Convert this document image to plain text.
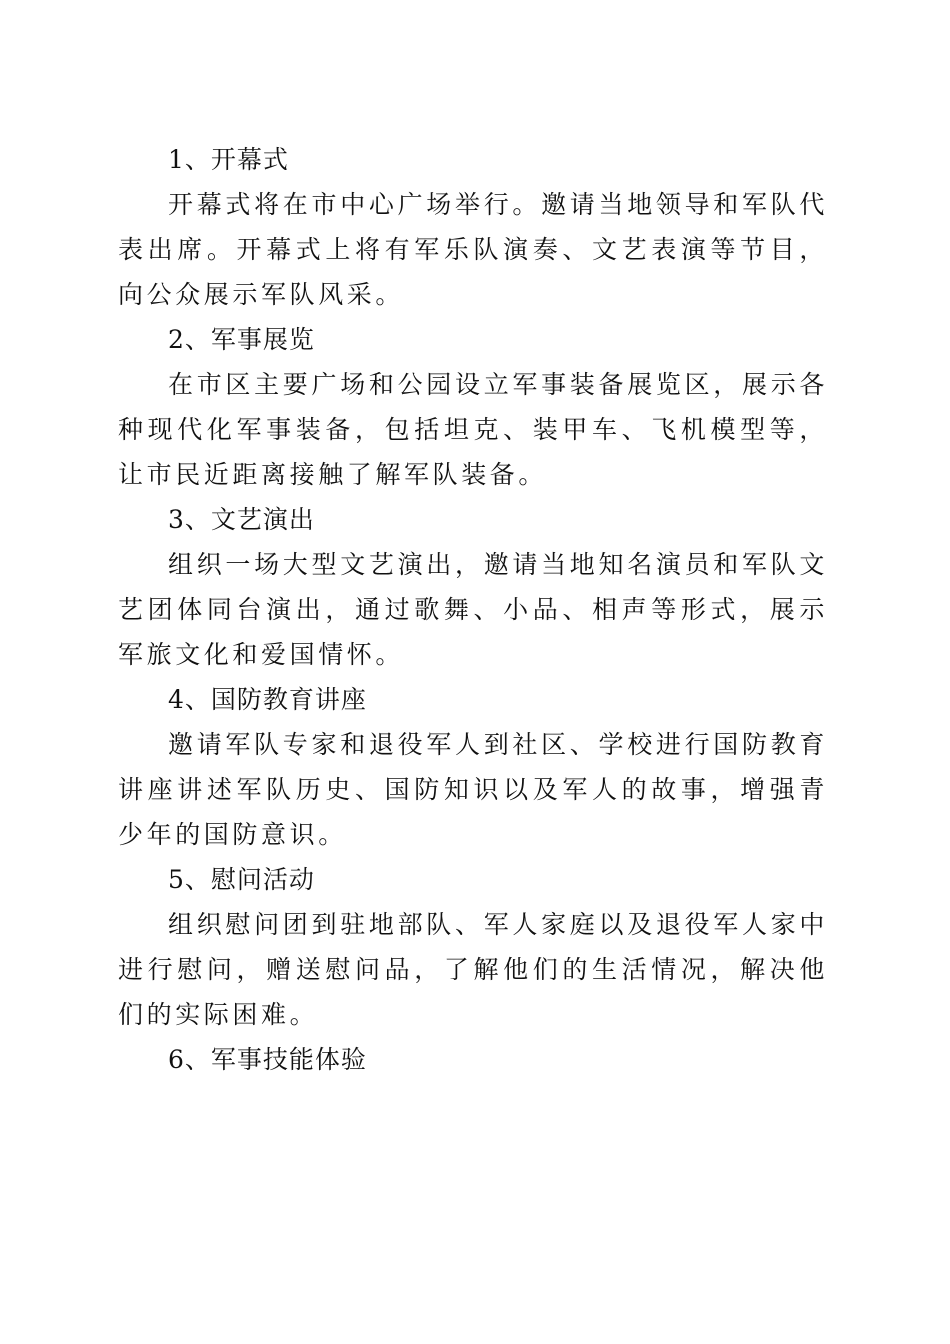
1、开幕式

开幕式将在市中心广场举行。邀请当地领导和军队代表出席。开幕式上将有军乐队演奏、文艺表演等节目，向公众展示军队风采。

2、军事展览

在市区主要广场和公园设立军事装备展览区，展示各种现代化军事装备，包括坦克、装甲车、飞机模型等，让市民近距离接触了解军队装备。

3、文艺演出

组织一场大型文艺演出，邀请当地知名演员和军队文艺团体同台演出，通过歌舞、小品、相声等形式，展示军旅文化和爱国情怀。

4、国防教育讲座

邀请军队专家和退役军人到社区、学校进行国防教育讲座讲述军队历史、国防知识以及军人的故事，增强青少年的国防意识。

5、慰问活动

组织慰问团到驻地部队、军人家庭以及退役军人家中进行慰问，赠送慰问品，了解他们的生活情况，解决他们的实际困难。

6、军事技能体验
